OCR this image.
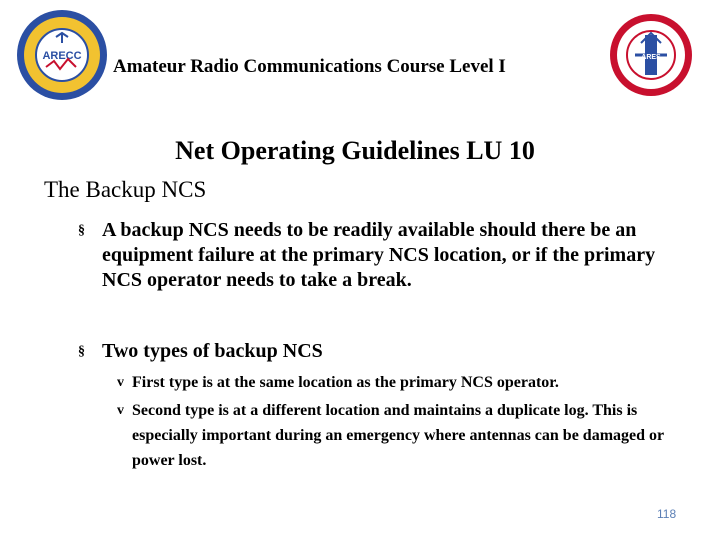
ARECC	ARES
Amateur Radio Communications Course Level I
Net Operating Guidelines LU 10
The Backup NCS
§ A backup NCS needs to be readily available should there be an equipment failure at the primary NCS location, or if the primary NCS operator needs to take a break.
§ Two types of backup NCS
v First type is at the same location as the primary NCS operator.
v Second type is at a different location and maintains a duplicate log. This is especially important during an emergency where antennas can be damaged or power lost.
118
